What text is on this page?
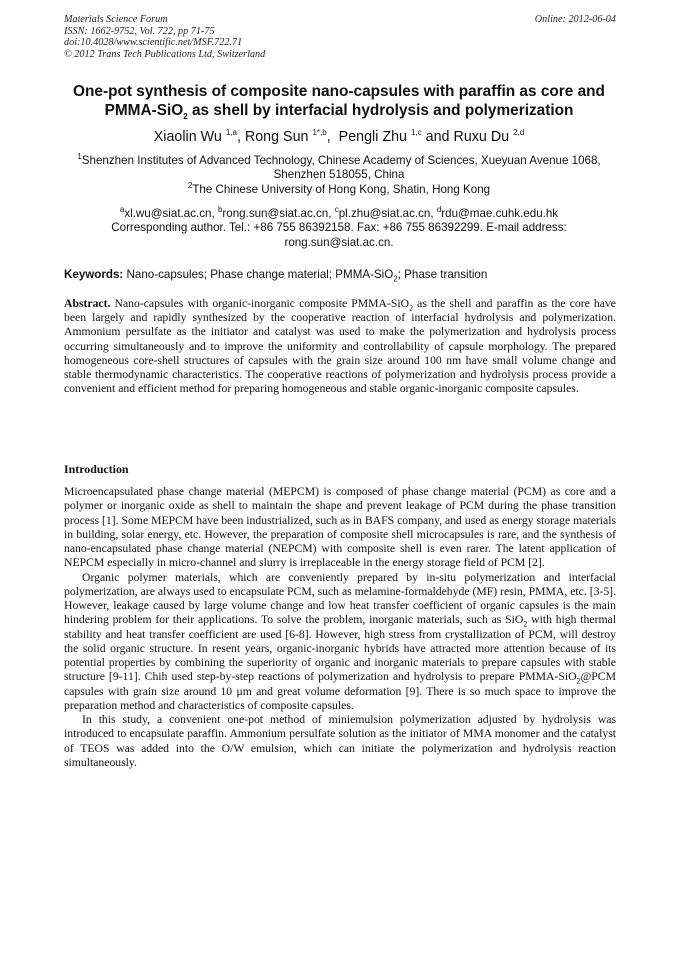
Materials Science Forum
ISSN: 1662-9752, Vol. 722, pp 71-75
doi:10.4028/www.scientific.net/MSF.722.71
© 2012 Trans Tech Publications Ltd, Switzerland
Online: 2012-06-04
One-pot synthesis of composite nano-capsules with paraffin as core and
PMMA-SiO$_2$ as shell by interfacial hydrolysis and polymerization
Xiaolin Wu $^{1,a}$, Rong Sun $^{1*,b}$, Pengli Zhu $^{1,c}$ and Ruxu Du $^{2,d}$
$^1$Shenzhen Institutes of Advanced Technology, Chinese Academy of Sciences, Xueyuan Avenue 1068, Shenzhen 518055, China
$^2$The Chinese University of Hong Kong, Shatin, Hong Kong
$^a$xl.wu@siat.ac.cn, $^b$rong.sun@siat.ac.cn, $^c$pl.zhu@siat.ac.cn, $^d$rdu@mae.cuhk.edu.hk
Corresponding author. Tel.: +86 755 86392158. Fax: +86 755 86392299. E-mail address: rong.sun@siat.ac.cn.
Keywords: Nano-capsules; Phase change material; PMMA-SiO$_2$; Phase transition
Abstract. Nano-capsules with organic-inorganic composite PMMA-SiO$_2$ as the shell and paraffin as the core have been largely and rapidly synthesized by the cooperative reaction of interfacial hydrolysis and polymerization. Ammonium persulfate as the initiator and catalyst was used to make the polymerization and hydrolysis process occurring simultaneously and to improve the uniformity and controllability of capsule morphology. The prepared homogeneous core-shell structures of capsules with the grain size around 100 nm have small volume change and stable thermodynamic characteristics. The cooperative reactions of polymerization and hydrolysis process provide a convenient and efficient method for preparing homogeneous and stable organic-inorganic composite capsules.
Introduction

Microencapsulated phase change material (MEPCM) is composed of phase change material (PCM) as core and a polymer or inorganic oxide as shell to maintain the shape and prevent leakage of PCM during the phase transition process [1]. Some MEPCM have been industrialized, such as in BAFS company, and used as energy storage materials in building, solar energy, etc. However, the preparation of composite shell microcapsules is rare, and the synthesis of nano-encapsulated phase change material (NEPCM) with composite shell is even rarer. The latent application of NEPCM especially in micro-channel and slurry is irreplaceable in the energy storage field of PCM [2].

Organic polymer materials, which are conveniently prepared by in-situ polymerization and interfacial polymerization, are always used to encapsulate PCM, such as melamine-formaldehyde (MF) resin, PMMA, etc. [3-5]. However, leakage caused by large volume change and low heat transfer coefficient of organic capsules is the main hindering problem for their applications. To solve the problem, inorganic materials, such as SiO$_2$ with high thermal stability and heat transfer coefficient are used [6-8]. However, high stress from crystallization of PCM, will destroy the solid organic structure. In resent years, organic-inorganic hybrids have attracted more attention because of its potential properties by combining the superiority of organic and inorganic materials to prepare capsules with stable structure [9-11]. Chih used step-by-step reactions of polymerization and hydrolysis to prepare PMMA-SiO$_2$@PCM capsules with grain size around 10 μm and great volume deformation [9]. There is so much space to improve the preparation method and characteristics of composite capsules.

In this study, a convenient one-pot method of miniemulsion polymerization adjusted by hydrolysis was introduced to encapsulate paraffin. Ammonium persulfate solution as the initiator of MMA monomer and the catalyst of TEOS was added into the O/W emulsion, which can initiate the polymerization and hydrolysis reaction simultaneously.
